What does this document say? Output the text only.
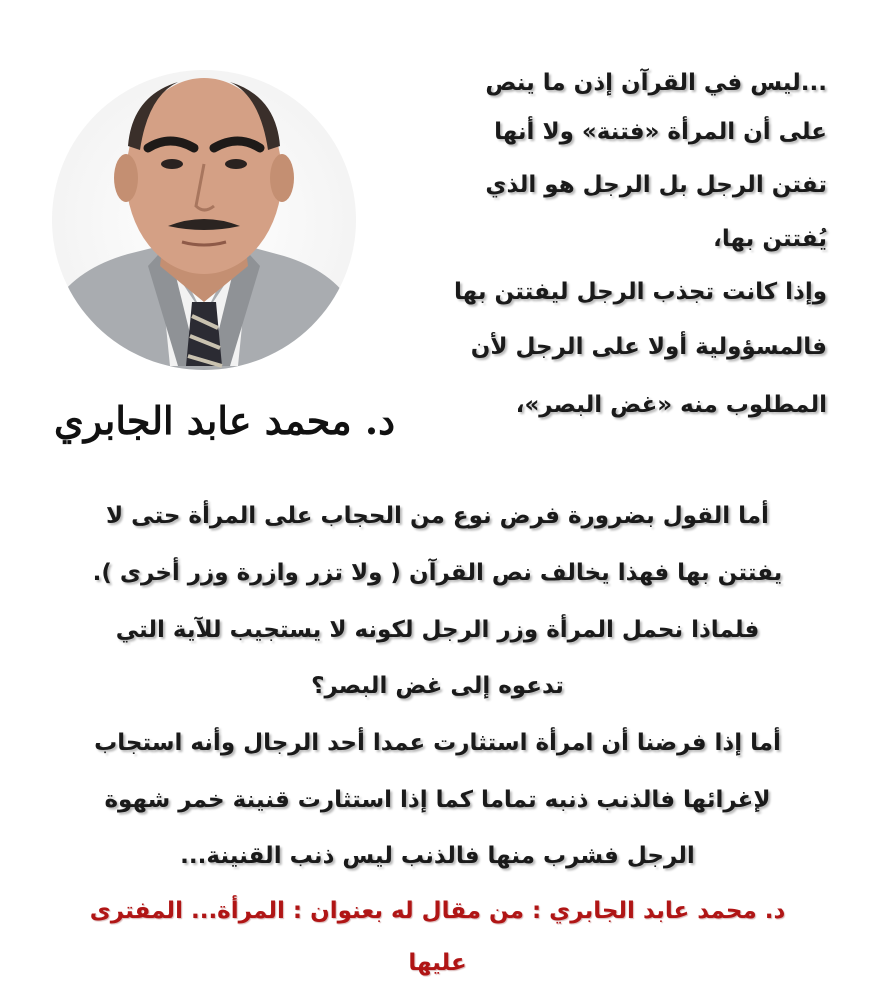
د. محمد عابد الجابري
...ليس في القرآن إذن ما ينص
على أن المرأة «فتنة» ولا أنها
تفتن الرجل بل الرجل هو الذي
يُفتتن بها،
وإذا كانت تجذب الرجل ليفتتن بها
فالمسؤولية أولا على الرجل لأن
المطلوب منه «غض البصر»،
أما القول بضرورة فرض نوع من الحجاب على المرأة حتى لا
يفتتن بها فهذا يخالف نص القرآن ( ولا تزر وازرة وزر أخرى ).
فلماذا نحمل المرأة وزر الرجل لكونه لا يستجيب للآية التي
تدعوه إلى غض البصر؟
أما إذا فرضنا أن امرأة استثارت عمدا أحد الرجال وأنه استجاب
لإغرائها فالذنب ذنبه تماما كما إذا استثارت قنينة خمر شهوة
الرجل فشرب منها فالذنب ليس ذنب القنينة...
د. محمد عابد الجابري : من مقال له بعنوان : المرأة... المفترى
عليها
